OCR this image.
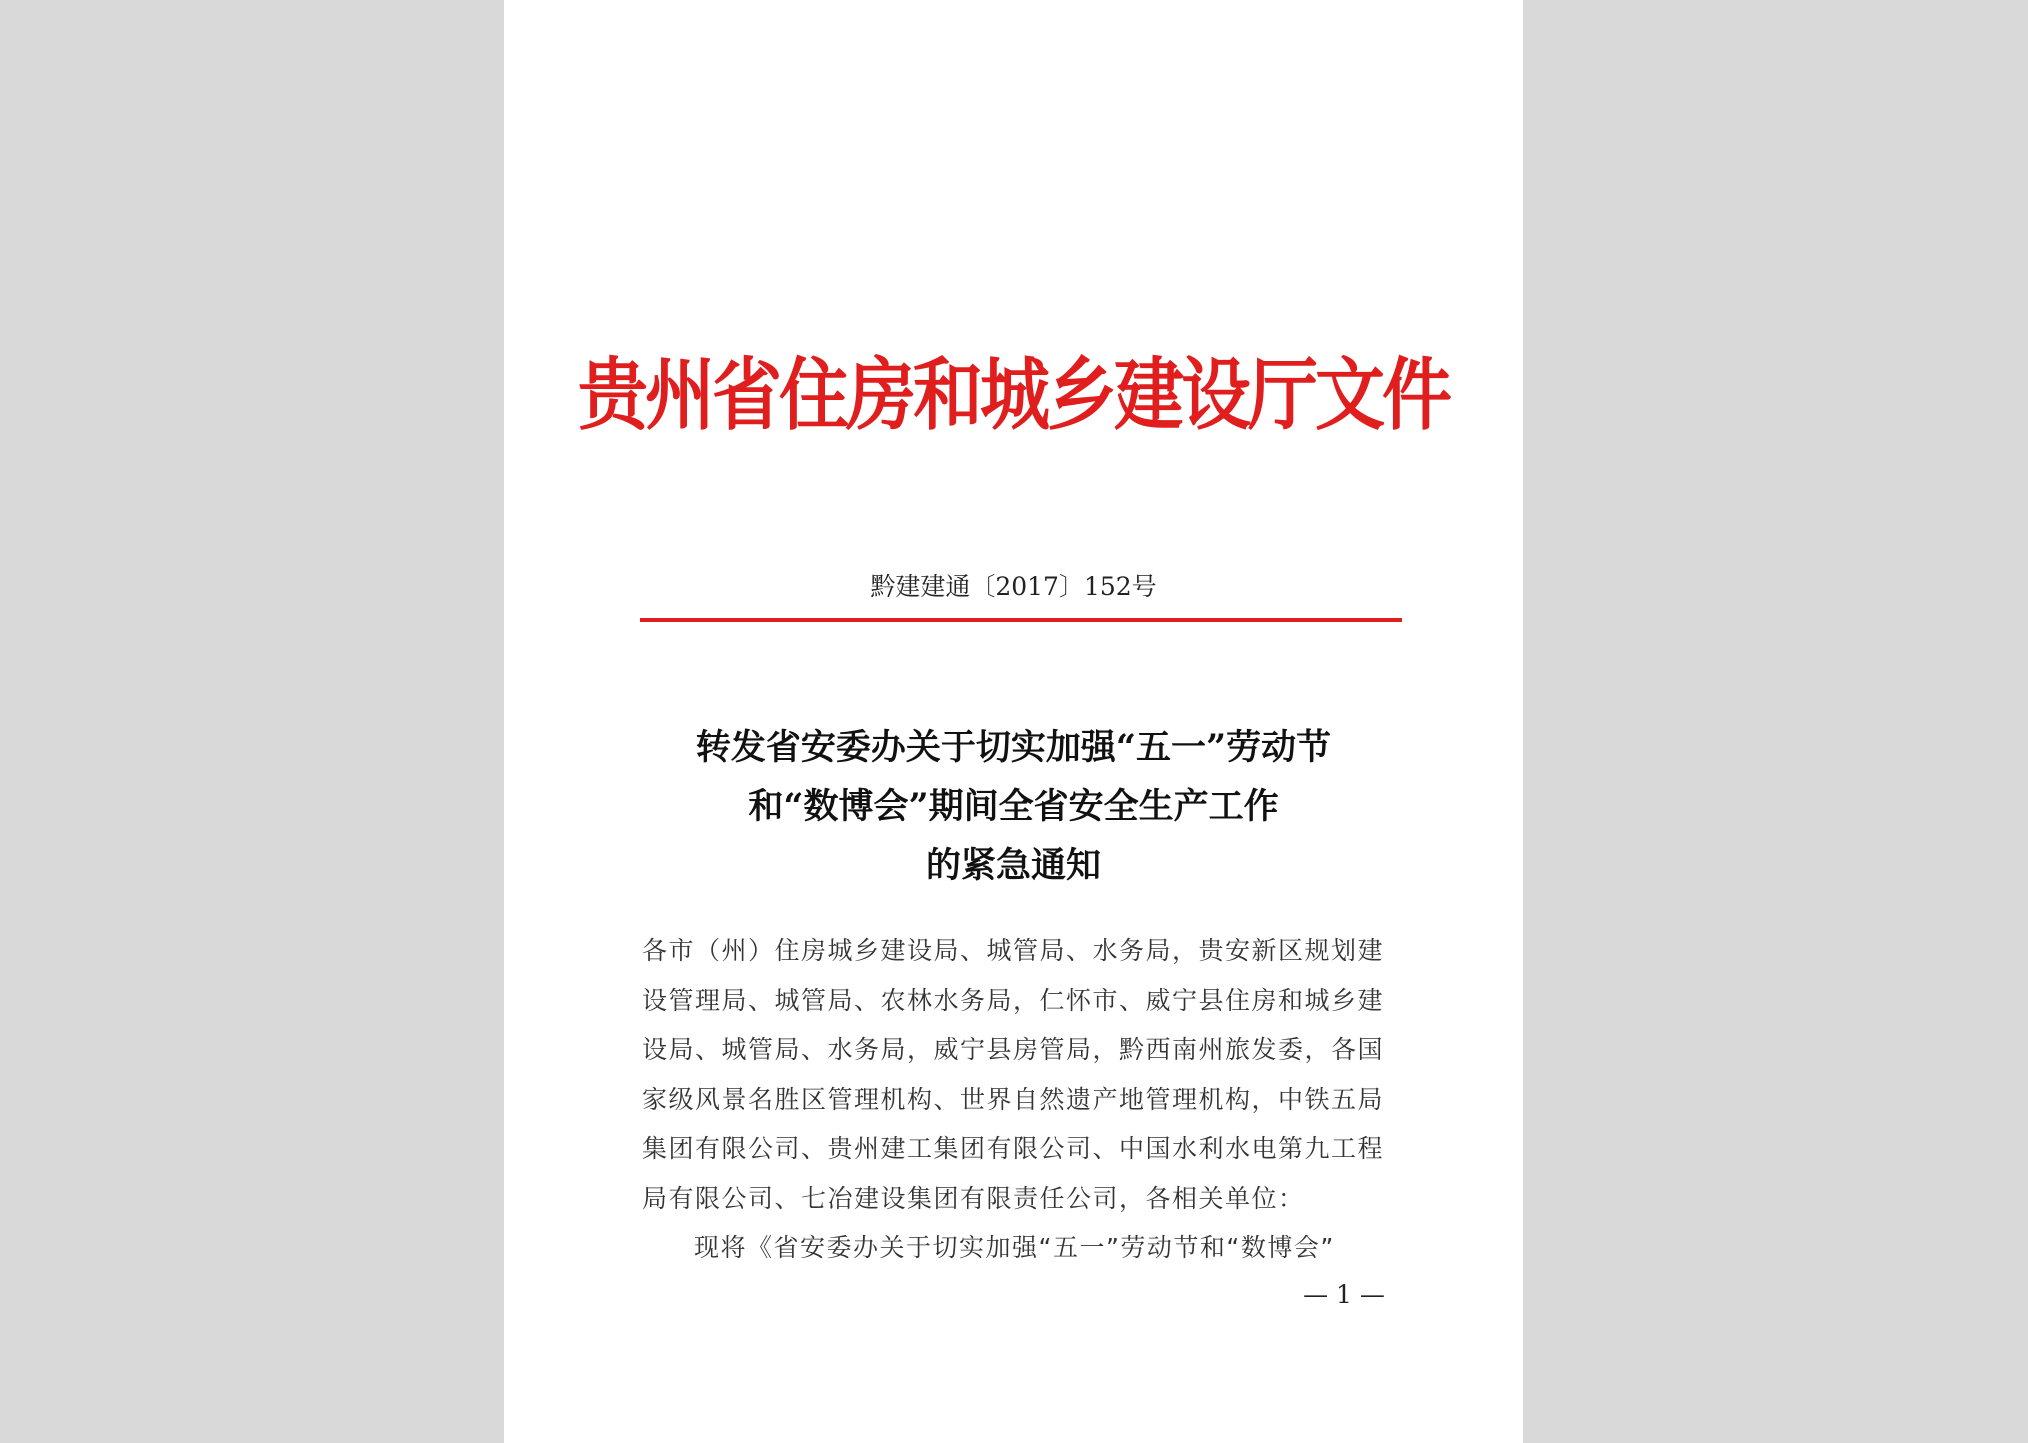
贵州省住房和城乡建设厅文件
黔建建通〔2017〕152号
转发省安委办关于切实加强“五一”劳动节
和“数博会”期间全省安全生产工作
的紧急通知
各市（州）住房城乡建设局、城管局、水务局，贵安新区规划建
设管理局、城管局、农林水务局，仁怀市、威宁县住房和城乡建
设局、城管局、水务局，威宁县房管局，黔西南州旅发委，各国
家级风景名胜区管理机构、世界自然遗产地管理机构，中铁五局
集团有限公司、贵州建工集团有限公司、中国水利水电第九工程
局有限公司、七冶建设集团有限责任公司，各相关单位：
现将《省安委办关于切实加强“五一”劳动节和“数博会”
— 1 —
